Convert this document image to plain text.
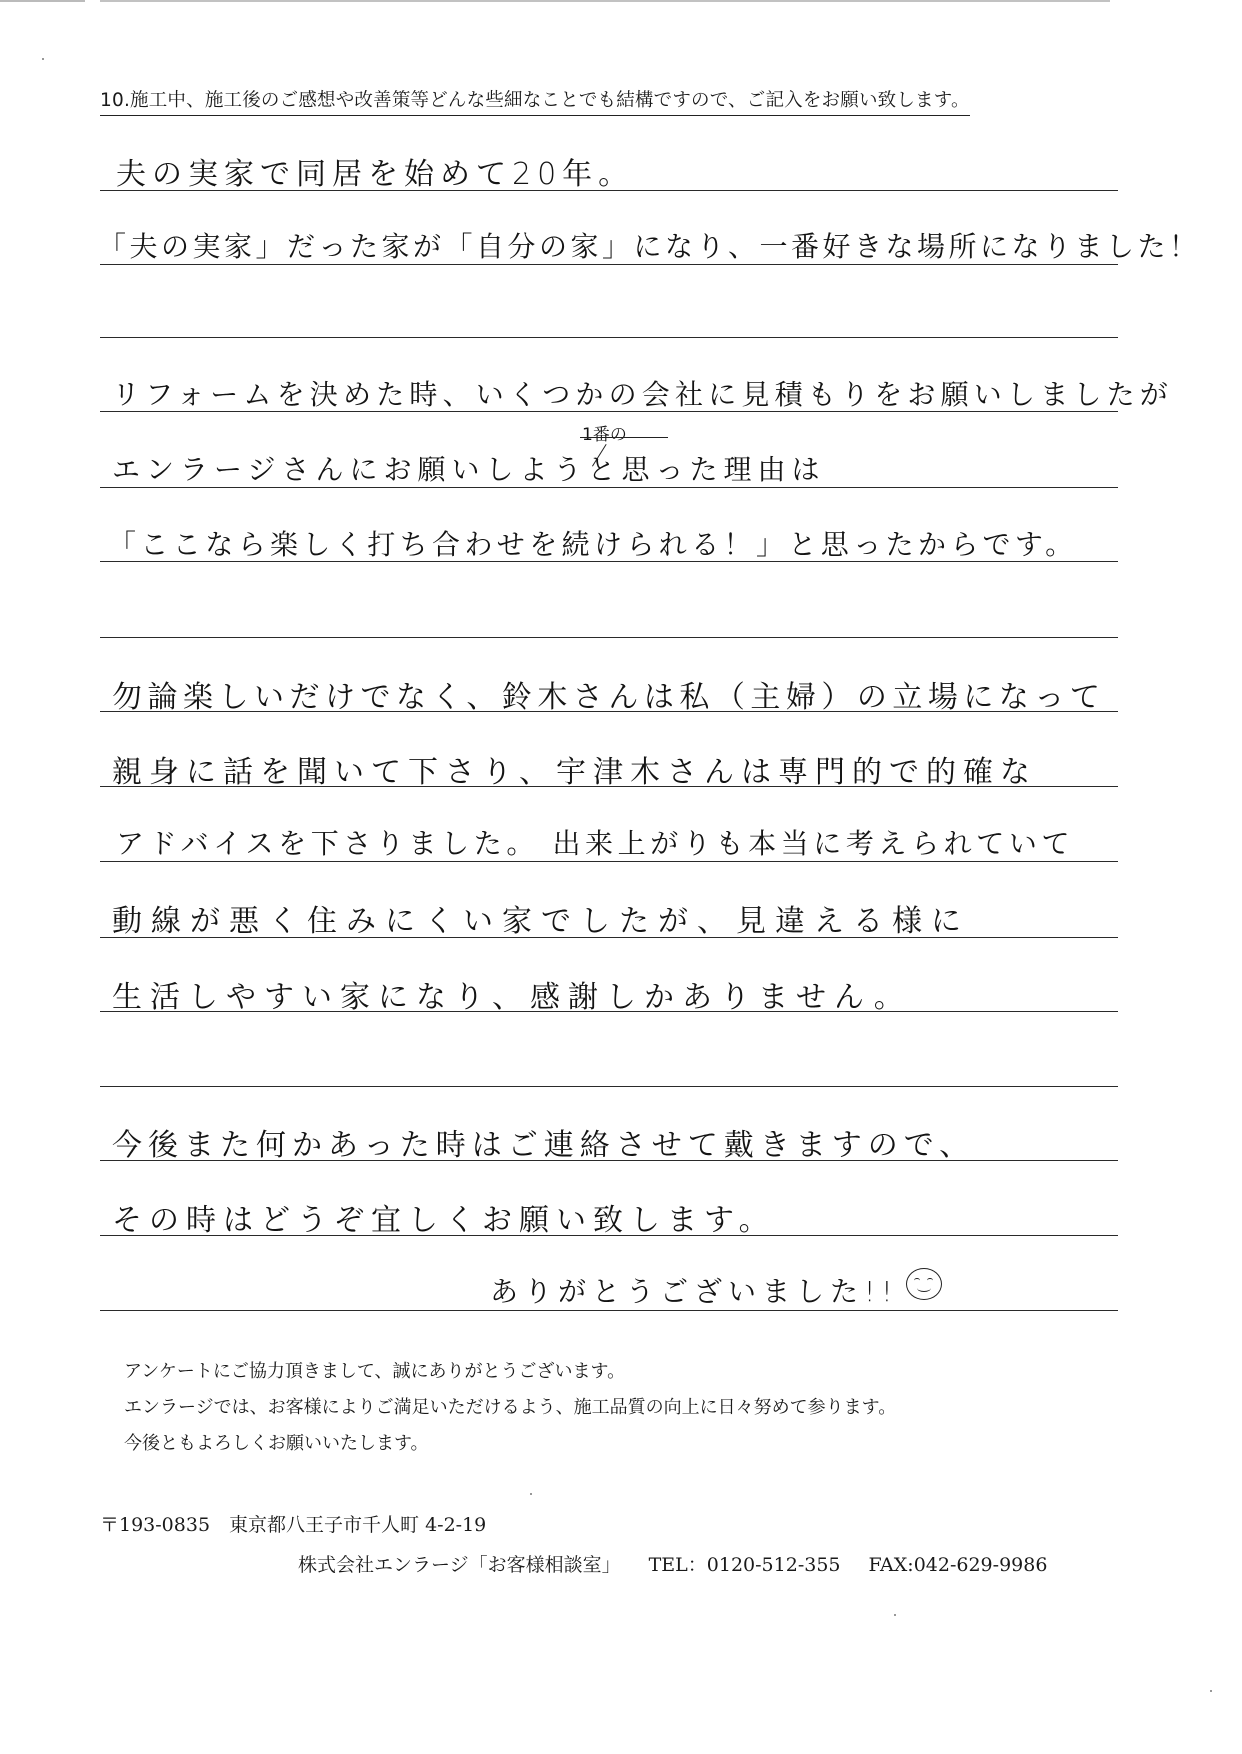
10.施工中、施工後のご感想や改善策等どんな些細なことでも結構ですので、ご記入をお願い致します。
夫の実家で同居を始めて20年。
「夫の実家」だった家が「自分の家」になり、一番好きな場所になりました！
リフォームを決めた時、いくつかの会社に見積もりをお願いしましたが
エンラージさんにお願いしようと思った理由は
「ここなら楽しく打ち合わせを続けられる！」と思ったからです。
勿論楽しいだけでなく、鈴木さんは私（主婦）の立場になって
親身に話を聞いて下さり、宇津木さんは専門的で的確な
アドバイスを下さりました。 出来上がりも本当に考えられていて
動線が悪く住みにくい家でしたが、見違える様に
生活しやすい家になり、感謝しかありません。
今後また何かあった時はご連絡させて戴きますので、
その時はどうぞ宜しくお願い致します。
ありがとうございました!!
1番の
アンケートにご協力頂きまして、誠にありがとうございます。
エンラージでは、お客様によりご満足いただけるよう、施工品質の向上に日々努めて参ります。
今後ともよろしくお願いいたします。
〒193-0835　東京都八王子市千人町 4-2-19
株式会社エンラージ「お客様相談室」 TEL：0120-512-355 FAX:042-629-9986
